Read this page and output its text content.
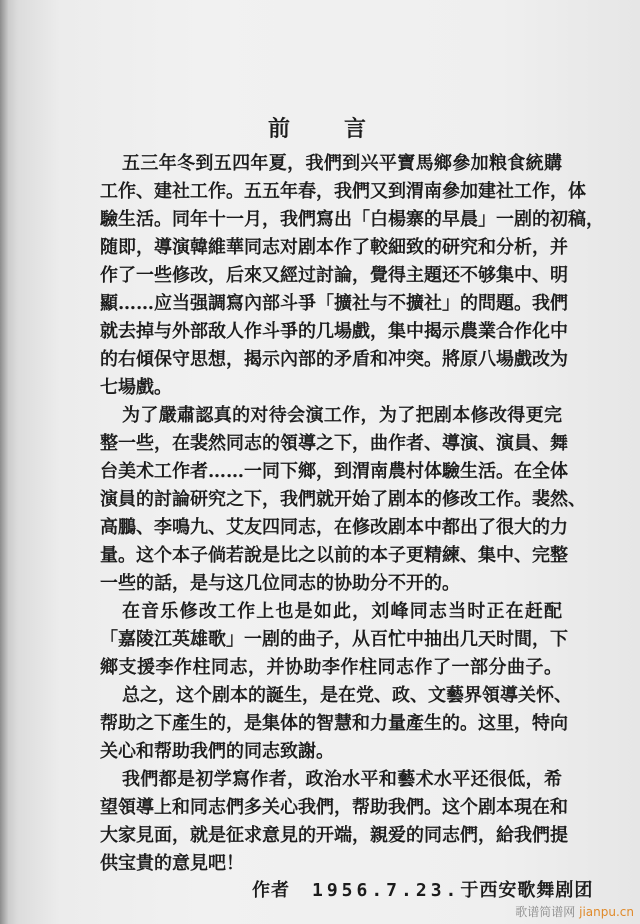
前 言
五三年冬到五四年夏，我們到兴平寶馬鄉參加粮食統購
工作、建社工作。五五年春，我們又到渭南參加建社工作，体
驗生活。同年十一月，我們寫出「白楊寨的早晨」一剧的初稿，
随即，導演韓維華同志对剧本作了較細致的研究和分析，并
作了一些修改，后來又經过討論，覺得主題还不够集中、明
顯……应当强調寫內部斗爭「擴社与不擴社」的問題。我們
就去掉与外部敌人作斗爭的几場戲，集中揭示農業合作化中
的右傾保守思想，揭示內部的矛盾和冲突。將原八場戲改为
七場戲。
为了嚴肅認真的对待会演工作，为了把剧本修改得更完
整一些，在裴然同志的領導之下，曲作者、導演、演員、舞
台美术工作者……一同下鄉，到渭南農村体驗生活。在全体
演員的討論研究之下，我們就开始了剧本的修改工作。裴然、
高鵬、李鳴九、艾友四同志，在修改剧本中都出了很大的力
量。这个本子倘若說是比之以前的本子更精練、集中、完整
一些的話，是与这几位同志的协助分不开的。
在音乐修改工作上也是如此，刘峰同志当时正在赶配
「嘉陵江英雄歌」一剧的曲子，从百忙中抽出几天时間，下
鄉支援李作柱同志，并协助李作柱同志作了一部分曲子。
总之，这个剧本的誕生，是在党、政、文藝界領導关怀、
帮助之下產生的，是集体的智慧和力量產生的。这里，特向
关心和帮助我們的同志致謝。
我們都是初学寫作者，政治水平和藝术水平还很低，希
望領導上和同志們多关心我們，帮助我們。这个剧本現在和
大家見面，就是征求意見的开端，親爱的同志們，給我們提
供宝貴的意見吧！
作者 1956.7.23.于西安歌舞剧团
歌谱简谱网 jianpu.cn
